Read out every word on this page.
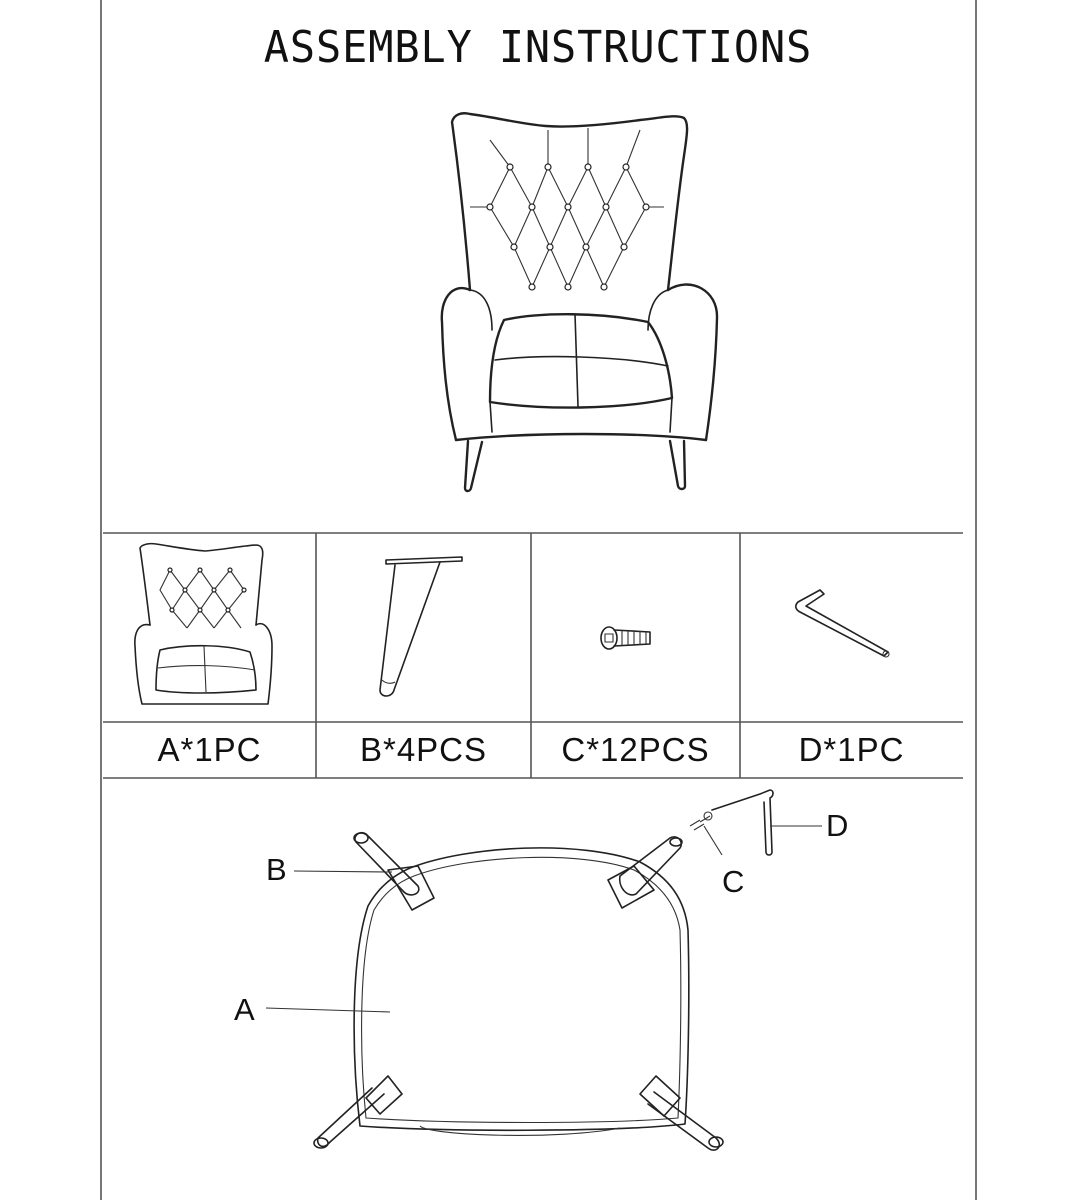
ASSEMBLY INSTRUCTIONS
A*1PC	B*4PCS	C*12PCS	D*1PC
B	C
D
A
